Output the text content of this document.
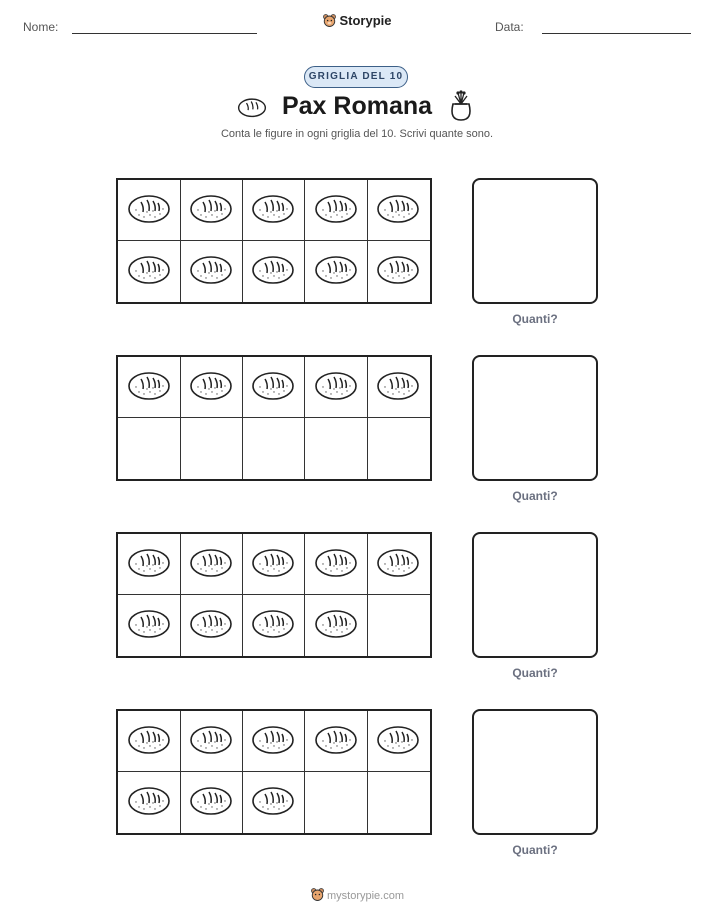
Nome:	Storypie	Data:
GRIGLIA DEL 10
Pax Romana
Conta le figure in ogni griglia del 10. Scrivi quante sono.
Quanti?
Quanti?
Quanti?
Quanti?
mystorypie.com
